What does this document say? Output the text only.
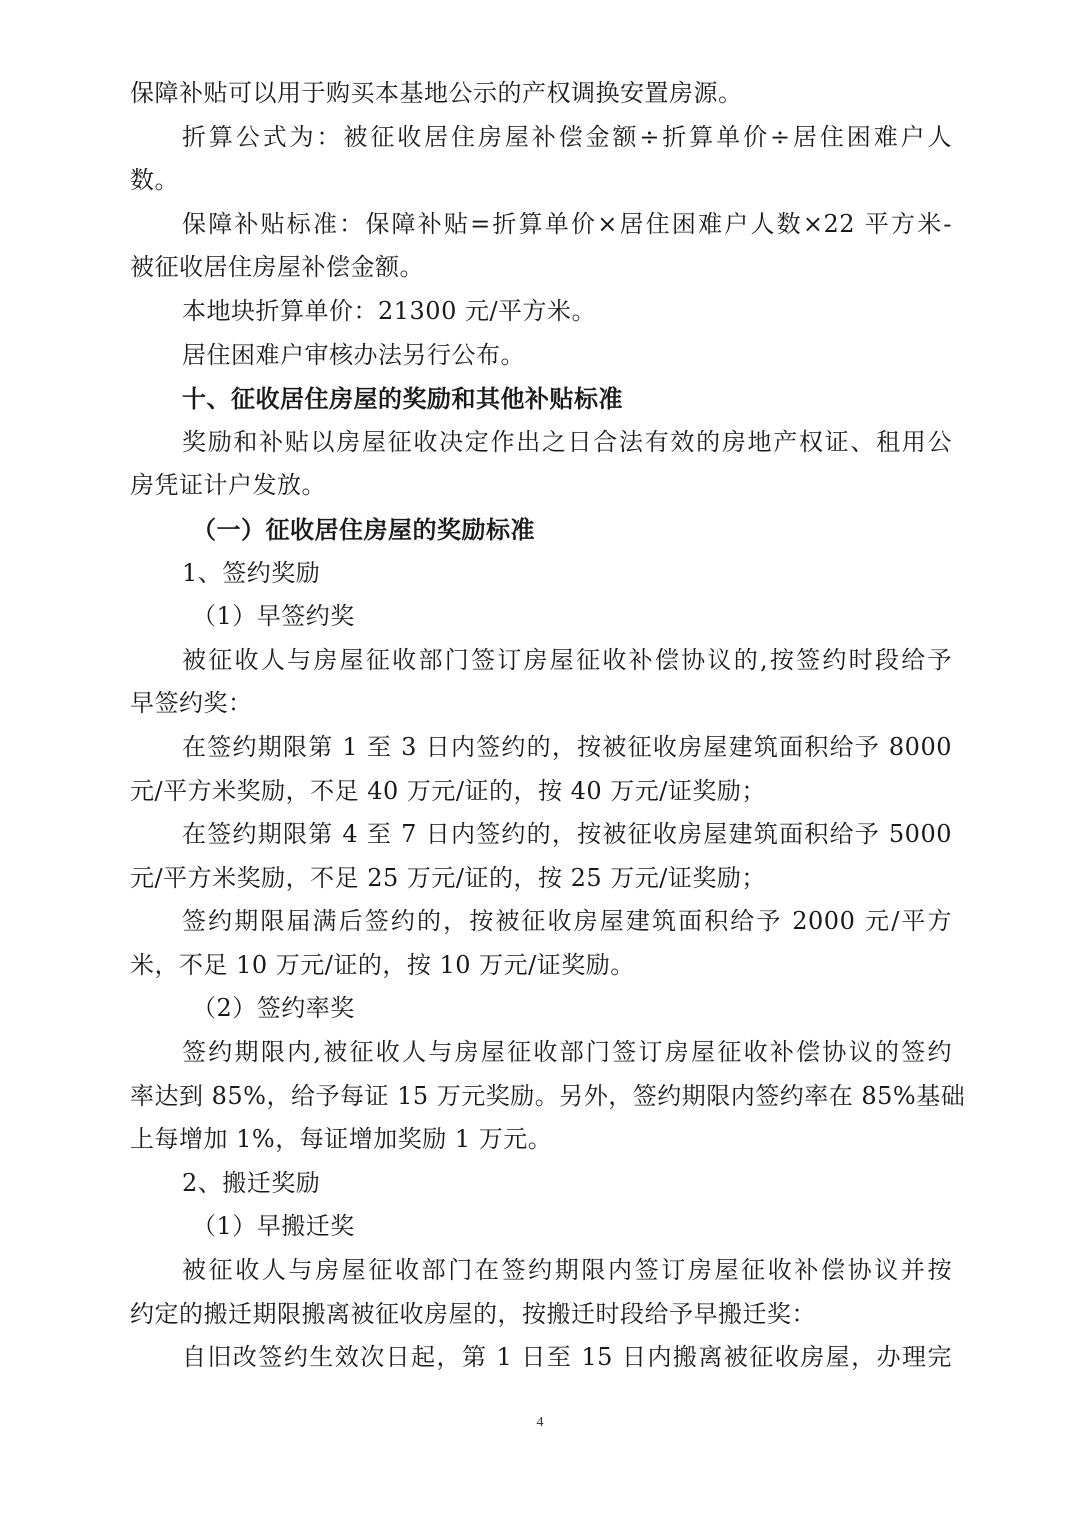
保障补贴可以用于购买本基地公示的产权调换安置房源。
折算公式为：被征收居住房屋补偿金额÷折算单价÷居住困难户人
数。
保障补贴标准：保障补贴=折算单价×居住困难户人数×22 平方米-
被征收居住房屋补偿金额。
本地块折算单价：21300 元/平方米。
居住困难户审核办法另行公布。
十、征收居住房屋的奖励和其他补贴标准
奖励和补贴以房屋征收决定作出之日合法有效的房地产权证、租用公
房凭证计户发放。
（一）征收居住房屋的奖励标准
1、签约奖励
（1）早签约奖
被征收人与房屋征收部门签订房屋征收补偿协议的,按签约时段给予
早签约奖：
在签约期限第 1 至 3 日内签约的，按被征收房屋建筑面积给予 8000
元/平方米奖励，不足 40 万元/证的，按 40 万元/证奖励；
在签约期限第 4 至 7 日内签约的，按被征收房屋建筑面积给予 5000
元/平方米奖励，不足 25 万元/证的，按 25 万元/证奖励；
签约期限届满后签约的，按被征收房屋建筑面积给予 2000 元/平方
米，不足 10 万元/证的，按 10 万元/证奖励。
（2）签约率奖
签约期限内,被征收人与房屋征收部门签订房屋征收补偿协议的签约
率达到 85%，给予每证 15 万元奖励。另外，签约期限内签约率在 85%基础
上每增加 1%，每证增加奖励 1 万元。
2、搬迁奖励
（1）早搬迁奖
被征收人与房屋征收部门在签约期限内签订房屋征收补偿协议并按
约定的搬迁期限搬离被征收房屋的，按搬迁时段给予早搬迁奖：
自旧改签约生效次日起，第 1 日至 15 日内搬离被征收房屋，办理完
4
